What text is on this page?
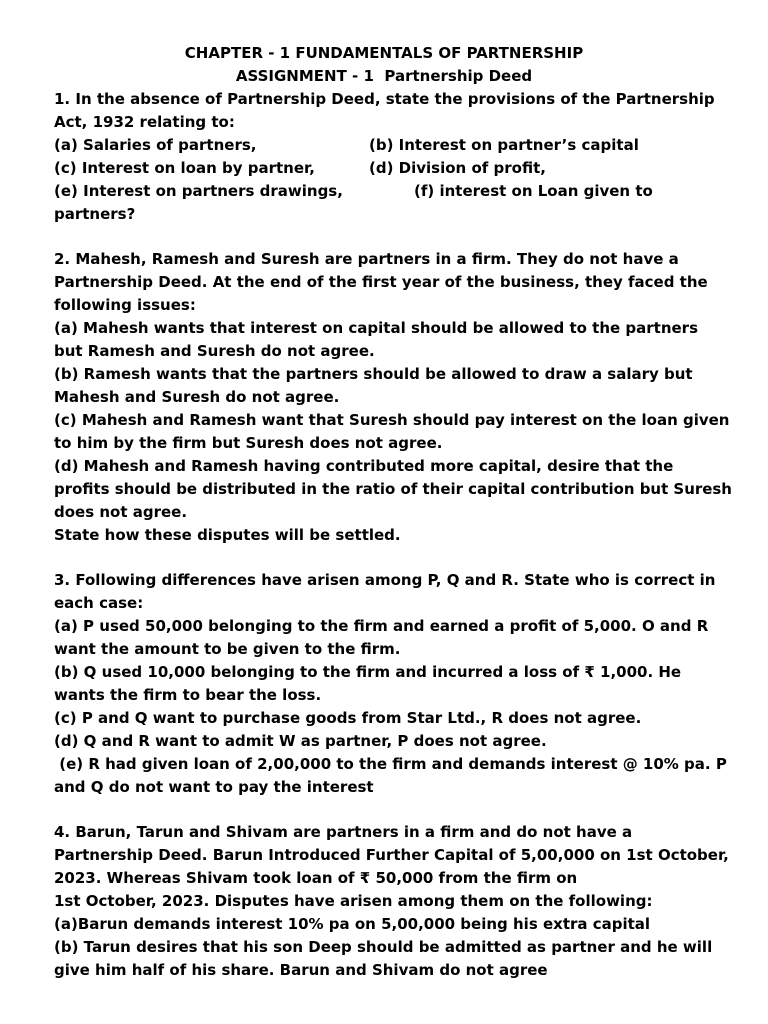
CHAPTER - 1 FUNDAMENTALS OF PARTNERSHIP
ASSIGNMENT - 1  Partnership Deed
1. In the absence of Partnership Deed, state the provisions of the Partnership
Act, 1932 relating to:
(a) Salaries of partners,	(b) Interest on partner’s capital
(c) Interest on loan by partner,	(d) Division of profit,
(e) Interest on partners drawings,	(f) interest on Loan given to
partners?
2. Mahesh, Ramesh and Suresh are partners in a firm. They do not have a
Partnership Deed. At the end of the first year of the business, they faced the
following issues:
(a) Mahesh wants that interest on capital should be allowed to the partners
but Ramesh and Suresh do not agree.
(b) Ramesh wants that the partners should be allowed to draw a salary but
Mahesh and Suresh do not agree.
(c) Mahesh and Ramesh want that Suresh should pay interest on the loan given
to him by the firm but Suresh does not agree.
(d) Mahesh and Ramesh having contributed more capital, desire that the
profits should be distributed in the ratio of their capital contribution but Suresh
does not agree.
State how these disputes will be settled.
3. Following differences have arisen among P, Q and R. State who is correct in
each case:
(a) P used 50,000 belonging to the firm and earned a profit of 5,000. O and R
want the amount to be given to the firm.
(b) Q used 10,000 belonging to the firm and incurred a loss of ₹ 1,000. He
wants the firm to bear the loss.
(c) P and Q want to purchase goods from Star Ltd., R does not agree.
(d) Q and R want to admit W as partner, P does not agree.
(e) R had given loan of 2,00,000 to the firm and demands interest @ 10% pa. P
and Q do not want to pay the interest
4. Barun, Tarun and Shivam are partners in a firm and do not have a
Partnership Deed. Barun Introduced Further Capital of 5,00,000 on 1st October,
2023. Whereas Shivam took loan of ₹ 50,000 from the firm on
1st October, 2023. Disputes have arisen among them on the following:
(a)Barun demands interest 10% pa on 5,00,000 being his extra capital
(b) Tarun desires that his son Deep should be admitted as partner and he will
give him half of his share. Barun and Shivam do not agree
